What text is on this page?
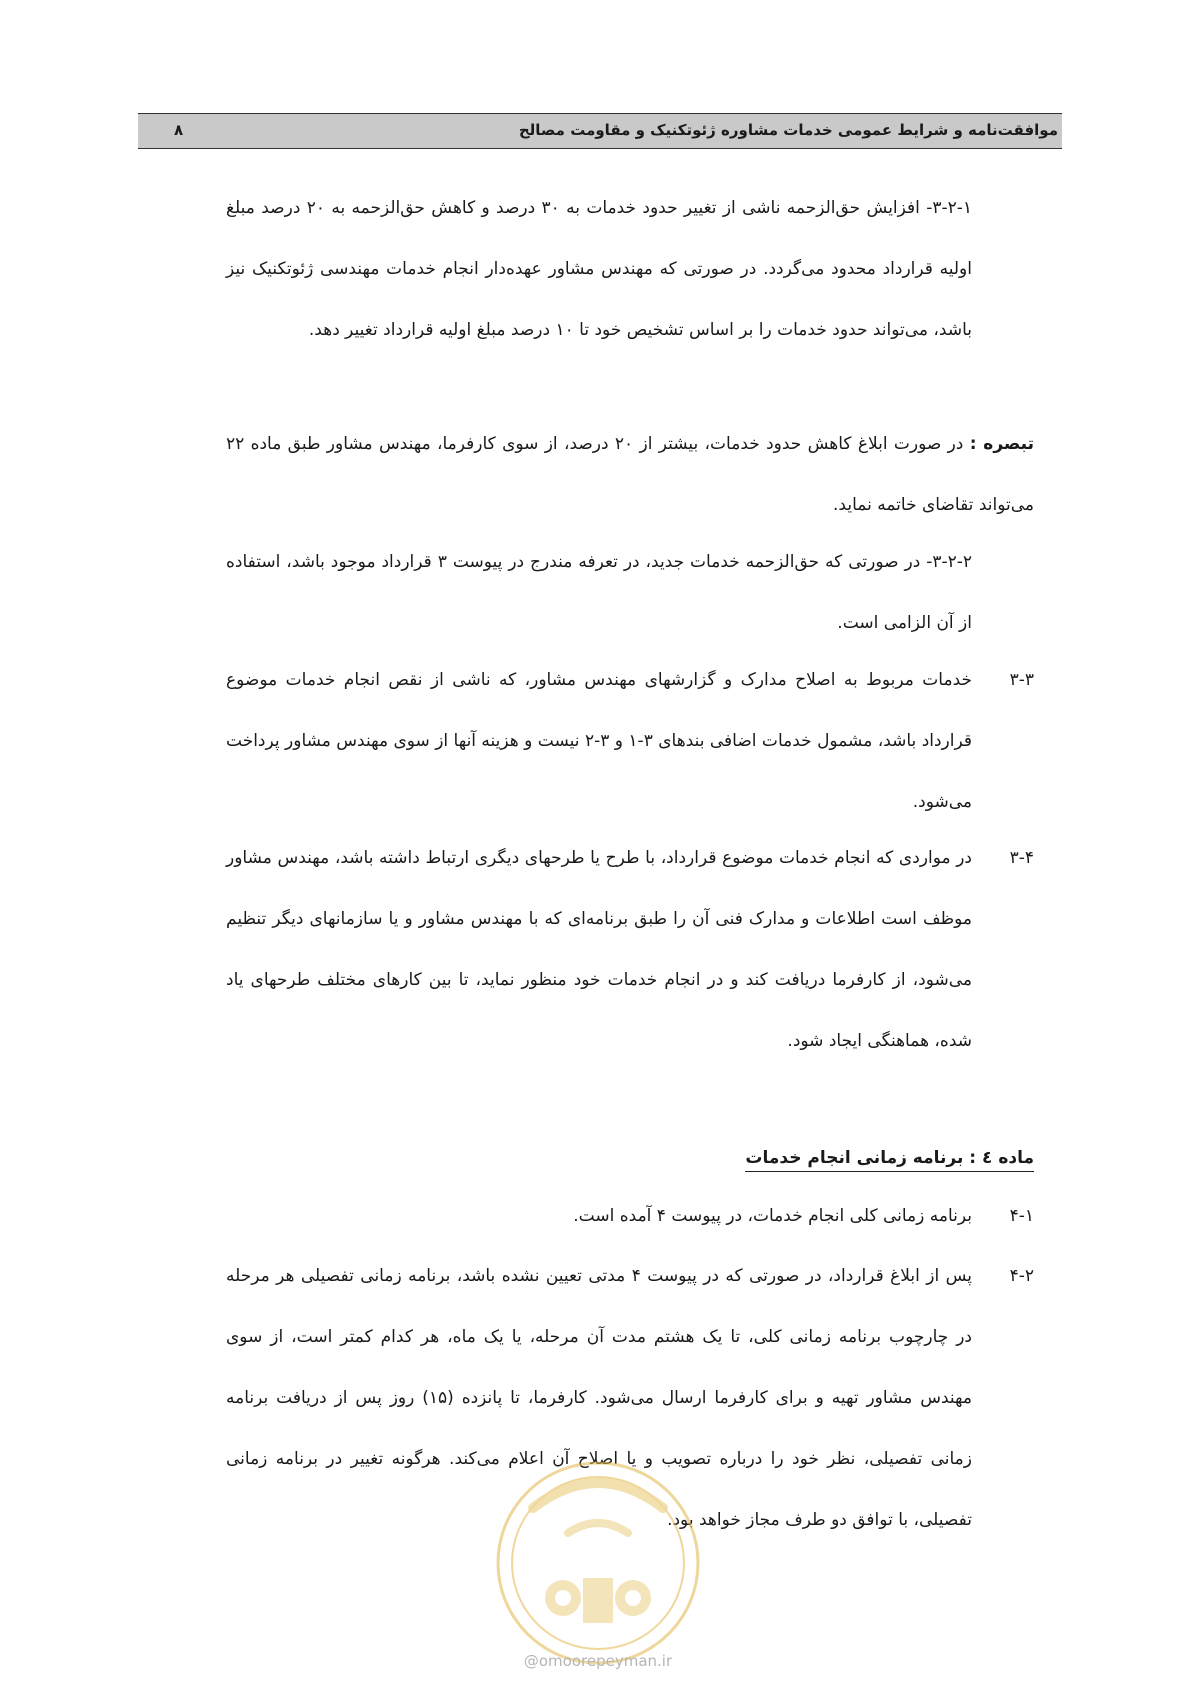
موافقت‌نامه و شرایط عمومی خدمات مشاوره ژئوتکنیک و مقاومت مصالح
۸

۳-۲-۱- افزایش حق‌الزحمه ناشی از تغییر حدود خدمات به ۳۰ درصد و کاهش حق‌الزحمه به ۲۰ درصد مبلغ اولیه قرارداد محدود می‌گردد. در صورتی که مهندس مشاور عهده‌دار انجام خدمات مهندسی ژئوتکنیک نیز باشد، می‌تواند حدود خدمات را بر اساس تشخیص خود تا ۱۰ درصد مبلغ اولیه قرارداد تغییر دهد.

تبصره : در صورت ابلاغ کاهش حدود خدمات، بیشتر از ۲۰ درصد، از سوی کارفرما، مهندس مشاور طبق ماده ۲۲ می‌تواند تقاضای خاتمه نماید.

۳-۲-۲- در صورتی که حق‌الزحمه خدمات جدید، در تعرفه مندرج در پیوست ۳ قرارداد موجود باشد، استفاده از آن الزامی است.

۳-۳
خدمات مربوط به اصلاح مدارک و گزارشهای مهندس مشاور، که ناشی از نقص انجام خدمات موضوع قرارداد باشد، مشمول خدمات اضافی بندهای ۳-۱ و ۳-۲ نیست و هزینه آنها از سوی مهندس مشاور پرداخت می‌شود.
۳-۴
در مواردی که انجام خدمات موضوع قرارداد، با طرح یا طرحهای دیگری ارتباط داشته باشد، مهندس مشاور موظف است اطلاعات و مدارک فنی آن را طبق برنامه‌ای که با مهندس مشاور و یا سازمانهای دیگر تنظیم می‌شود، از کارفرما دریافت کند و در انجام خدمات خود منظور نماید، تا بین کارهای مختلف طرحهای یاد شده، هماهنگی ایجاد شود.
ماده ٤ : برنامه زمانی انجام خدمات
۴-۱
برنامه زمانی کلی انجام خدمات، در پیوست ۴ آمده است.
۴-۲
پس از ابلاغ قرارداد، در صورتی که در پیوست ۴ مدتی تعیین نشده باشد، برنامه زمانی تفصیلی هر مرحله در چارچوب برنامه زمانی کلی، تا یک هشتم مدت آن مرحله، یا یک ماه، هر کدام کمتر است، از سوی مهندس مشاور تهیه و برای کارفرما ارسال می‌شود. کارفرما، تا پانزده (۱۵) روز پس از دریافت برنامه زمانی تفصیلی، نظر خود را درباره تصویب و یا اصلاح آن اعلام می‌کند. هرگونه تغییر در برنامه زمانی تفصیلی، با توافق دو طرف مجاز خواهد بود.
@omoorepeyman.ir
